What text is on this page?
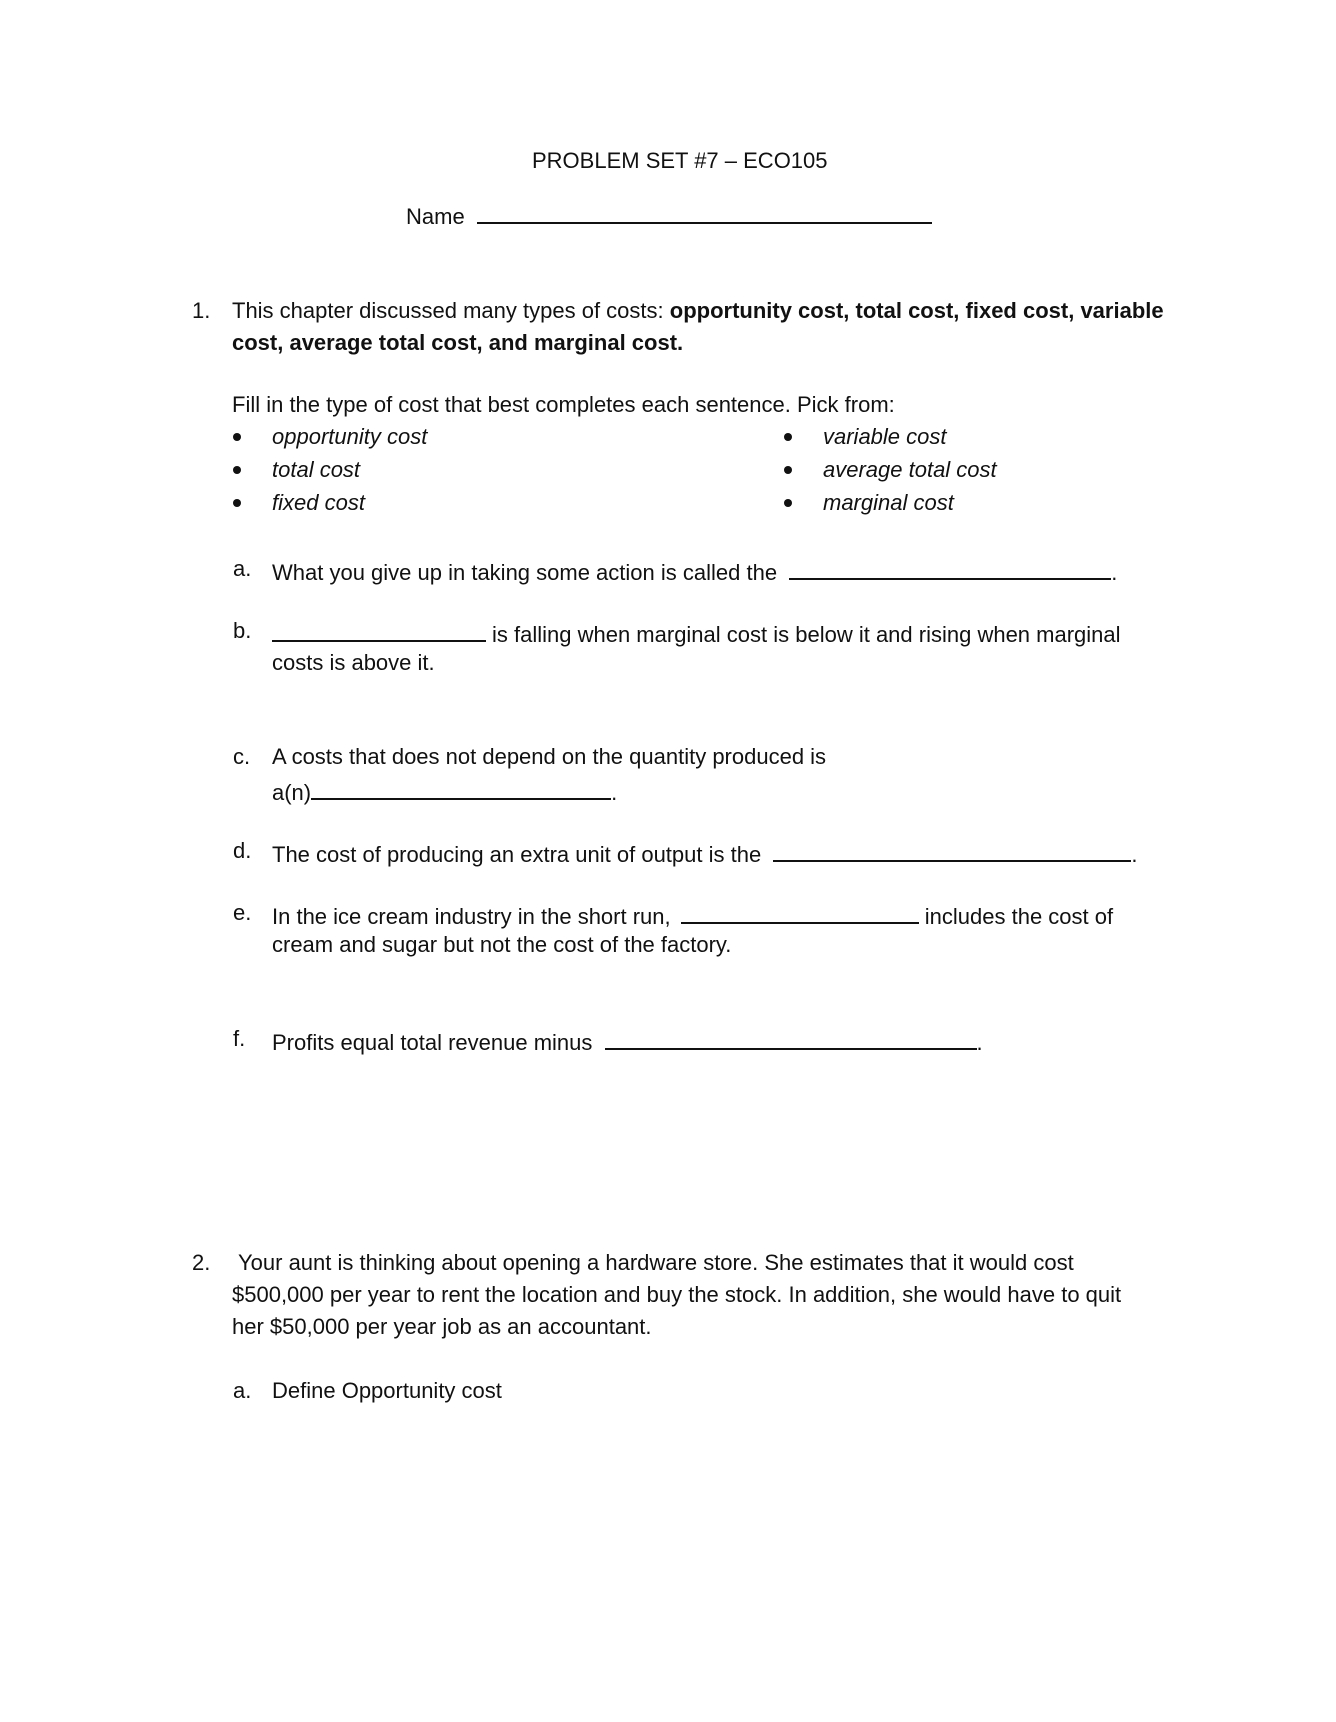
PROBLEM SET #7 – ECO105
Name
1. This chapter discussed many types of costs: opportunity cost, total cost, fixed cost, variable
cost, average total cost, and marginal cost.
Fill in the type of cost that best completes each sentence. Pick from:
opportunity cost
total cost
fixed cost
variable cost
average total cost
marginal cost
a. What you give up in taking some action is called the	.
b.	is falling when marginal cost is below it and rising when marginal
costs is above it.
c. A costs that does not depend on the quantity produced is
a(n)	.
d. The cost of producing an extra unit of output is the	.
e. In the ice cream industry in the short run,	includes the cost of
cream and sugar but not the cost of the factory.
f. Profits equal total revenue minus	.
2. Your aunt is thinking about opening a hardware store. She estimates that it would cost
$500,000 per year to rent the location and buy the stock. In addition, she would have to quit
her $50,000 per year job as an accountant.
a. Define Opportunity cost
